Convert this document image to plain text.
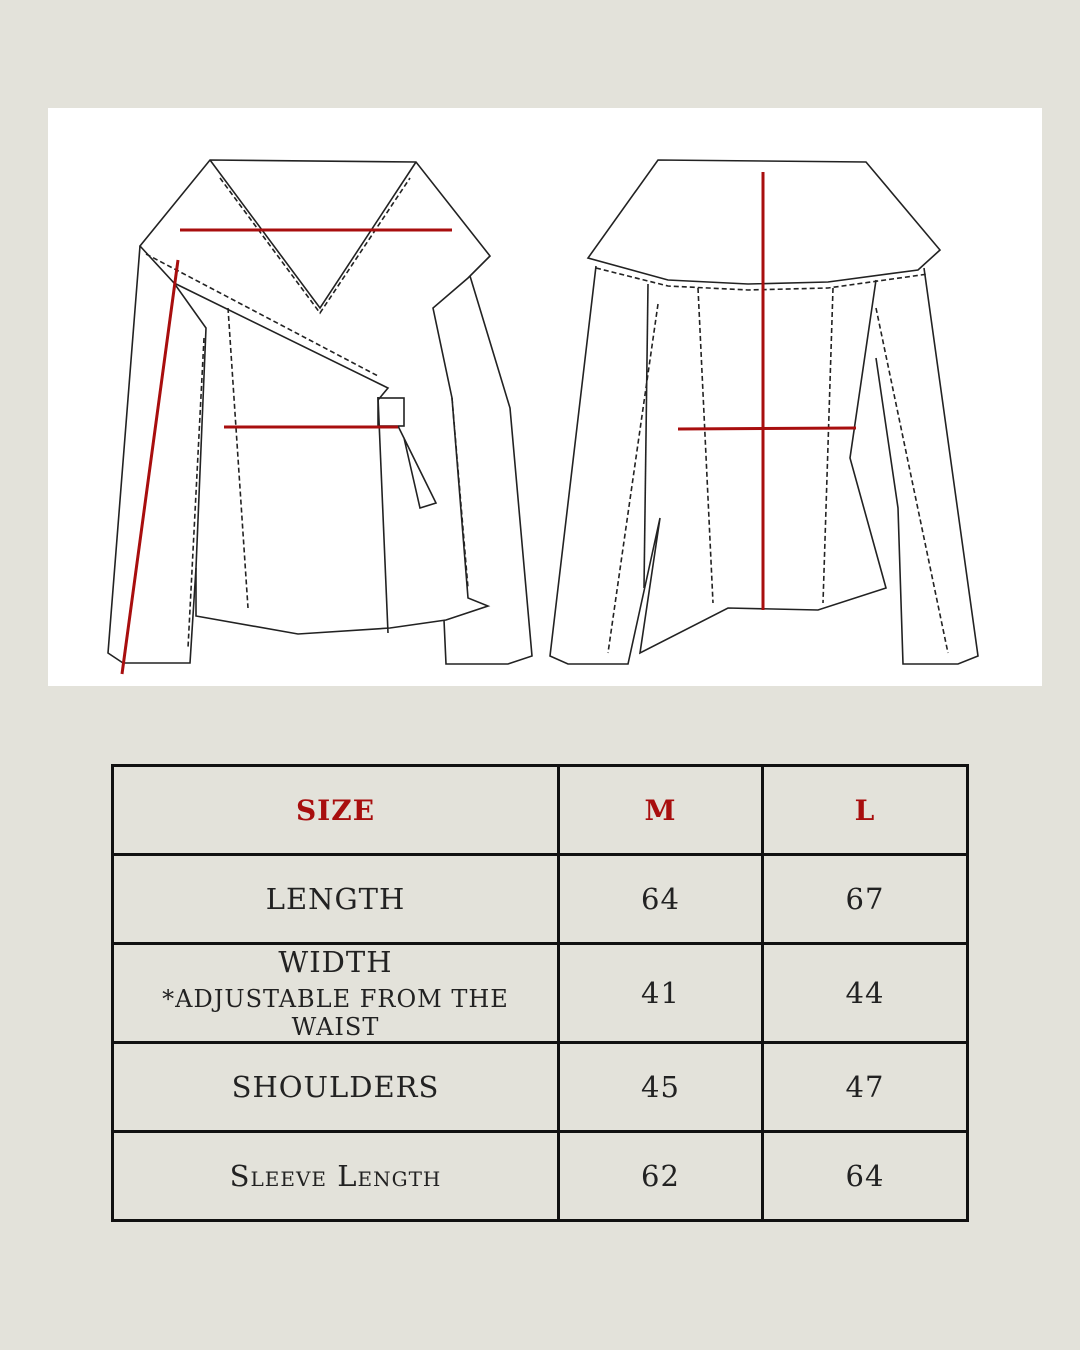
SIZE	M	L
LENGTH	64	67
WIDTH
*ADJUSTABLE FROM THE WAIST	41	44
SHOULDERS	45	47
Sleeve Length	62	64
